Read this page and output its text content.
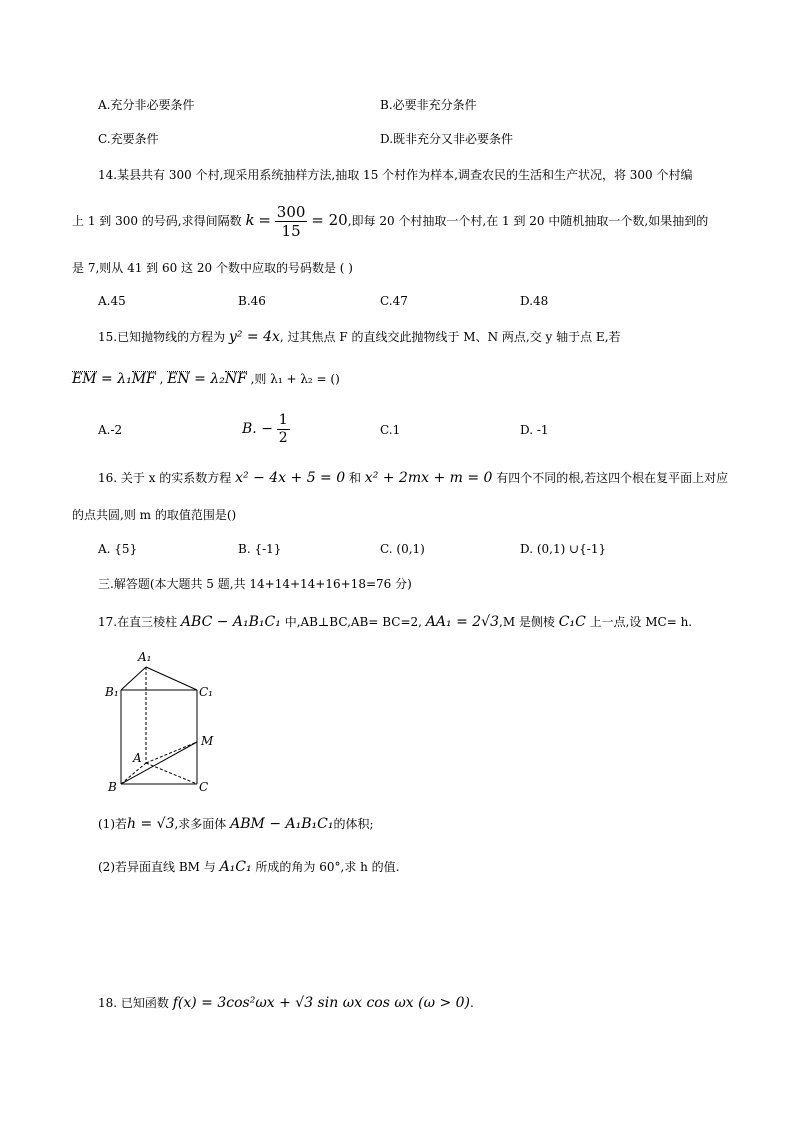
A.充分非必要条件	B.必要非充分条件
C.充要条件	D.既非充分又非必要条件
14.某县共有 300 个村,现采用系统抽样方法,抽取 15 个村作为样本,调查农民的生活和生产状况，将 300 个村编
上 1 到 300 的号码,求得间隔数 $k = \frac{300}{15} = 20$,即每 20 个村抽取一个村,在 1 到 20 中随机抽取一个数,如果抽到的
是 7,则从 41 到 60 这 20 个数中应取的号码数是 ( )
A.45	B.46	C.47	D.48
15.已知抛物线的方程为 y² = 4x, 过其焦点 F 的直线交此抛物线于 M、N 两点,交 y 轴于点 E,若
EM = λ₁MF , EN = λ₂NF ,则 λ₁ + λ₂ = ()
A.-2	B. − $\frac{1}{2}$	C.1	D. -1
16. 关于 x 的实系数方程 x² − 4x + 5 = 0 和 x² + 2mx + m = 0 有四个不同的根,若这四个根在复平面上对应
的点共圆,则 m 的取值范围是()
A. {5}	B. {-1}	C. (0,1)	D. (0,1) ∪{-1}
三.解答题(本大题共 5 题,共 14+14+14+16+18=76 分)
17.在直三棱柱 ABC − A₁B₁C₁ 中,AB⊥BC,AB= BC=2, AA₁ = 2√3,M 是侧棱 C₁C 上一点,设 MC= h.
A₁
B₁	C₁
M
A
B	C
(1)若h = √3,求多面体 ABM − A₁B₁C₁的体积;
(2)若异面直线 BM 与 A₁C₁ 所成的角为 60°,求 h 的值.
18. 已知函数 f(x) = 3cos²ωx + √3 sin ωx cos ωx (ω > 0).
